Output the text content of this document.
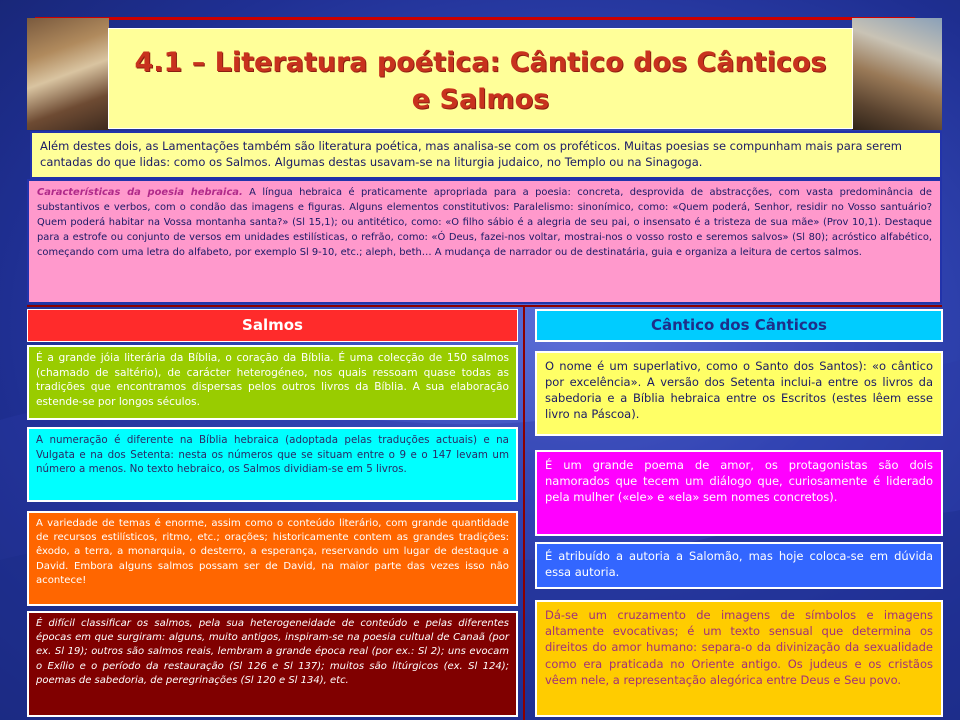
4.1 – Literatura poética: Cântico dos Cânticos
e Salmos
Além destes dois, as Lamentações também são literatura poética, mas analisa-se com os proféticos. Muitas poesias se compunham mais para serem cantadas do que lidas: como os Salmos. Algumas destas usavam-se na liturgia judaico, no Templo ou na Sinagoga.
Características da poesia hebraica. A língua hebraica é praticamente apropriada para a poesia: concreta, desprovida de abstracções, com vasta predominância de substantivos e verbos, com o condão das imagens e figuras. Alguns elementos constitutivos: Paralelismo: sinonímico, como: «Quem poderá, Senhor, residir no Vosso santuário? Quem poderá habitar na Vossa montanha santa?» (Sl 15,1); ou antitético, como: «O filho sábio é a alegria de seu pai, o insensato é a tristeza de sua mãe» (Prov 10,1). Destaque para a estrofe ou conjunto de versos em unidades estilísticas, o refrão, como: «Ó Deus, fazei-nos voltar, mostrai-nos o vosso rosto e seremos salvos» (Sl 80); acróstico alfabético, começando com uma letra do alfabeto, por exemplo Sl 9-10, etc.; aleph, beth… A mudança de narrador ou de destinatária, guia e organiza a leitura de certos salmos.
Salmos	Cântico dos Cânticos
É a grande jóia literária da Bíblia, o coração da Bíblia. É uma colecção de 150 salmos (chamado de saltério), de carácter heterogéneo, nos quais ressoam quase todas as tradições que encontramos dispersas pelos outros livros da Bíblia. A sua elaboração estende-se por longos séculos.
A numeração é diferente na Bíblia hebraica (adoptada pelas traduções actuais) e na Vulgata e na dos Setenta: nesta os números que se situam entre o 9 e o 147 levam um número a menos. No texto hebraico, os Salmos dividiam-se em 5 livros.
A variedade de temas é enorme, assim como o conteúdo literário, com grande quantidade de recursos estilísticos, ritmo, etc.; orações; historicamente contem as grandes tradições: êxodo, a terra, a monarquia, o desterro, a esperança, reservando um lugar de destaque a David. Embora alguns salmos possam ser de David, na maior parte das vezes isso não acontece!
É difícil classificar os salmos, pela sua heterogeneidade de conteúdo e pelas diferentes épocas em que surgiram: alguns, muito antigos, inspiram-se na poesia cultual de Canaã (por ex. Sl 19); outros são salmos reais, lembram a grande época real (por ex.: Sl 2); uns evocam o Exílio e o período da restauração (Sl 126 e Sl 137); muitos são litúrgicos (ex. Sl 124); poemas de sabedoria, de peregrinações (Sl 120 e Sl 134), etc.
O nome é um superlativo, como o Santo dos Santos): «o cântico por excelência». A versão dos Setenta inclui-a entre os livros da sabedoria e a Bíblia hebraica entre os Escritos (estes lêem esse livro na Páscoa).
É um grande poema de amor, os protagonistas são dois namorados que tecem um diálogo que, curiosamente é liderado pela mulher («ele» e «ela» sem nomes concretos).
É atribuído a autoria a Salomão, mas hoje coloca-se em dúvida essa autoria.
Dá-se um cruzamento de imagens de símbolos e imagens altamente evocativas; é um texto sensual que determina os direitos do amor humano: separa-o da divinização da sexualidade como era praticada no Oriente antigo. Os judeus e os cristãos vêem nele, a representação alegórica entre Deus e Seu povo.
